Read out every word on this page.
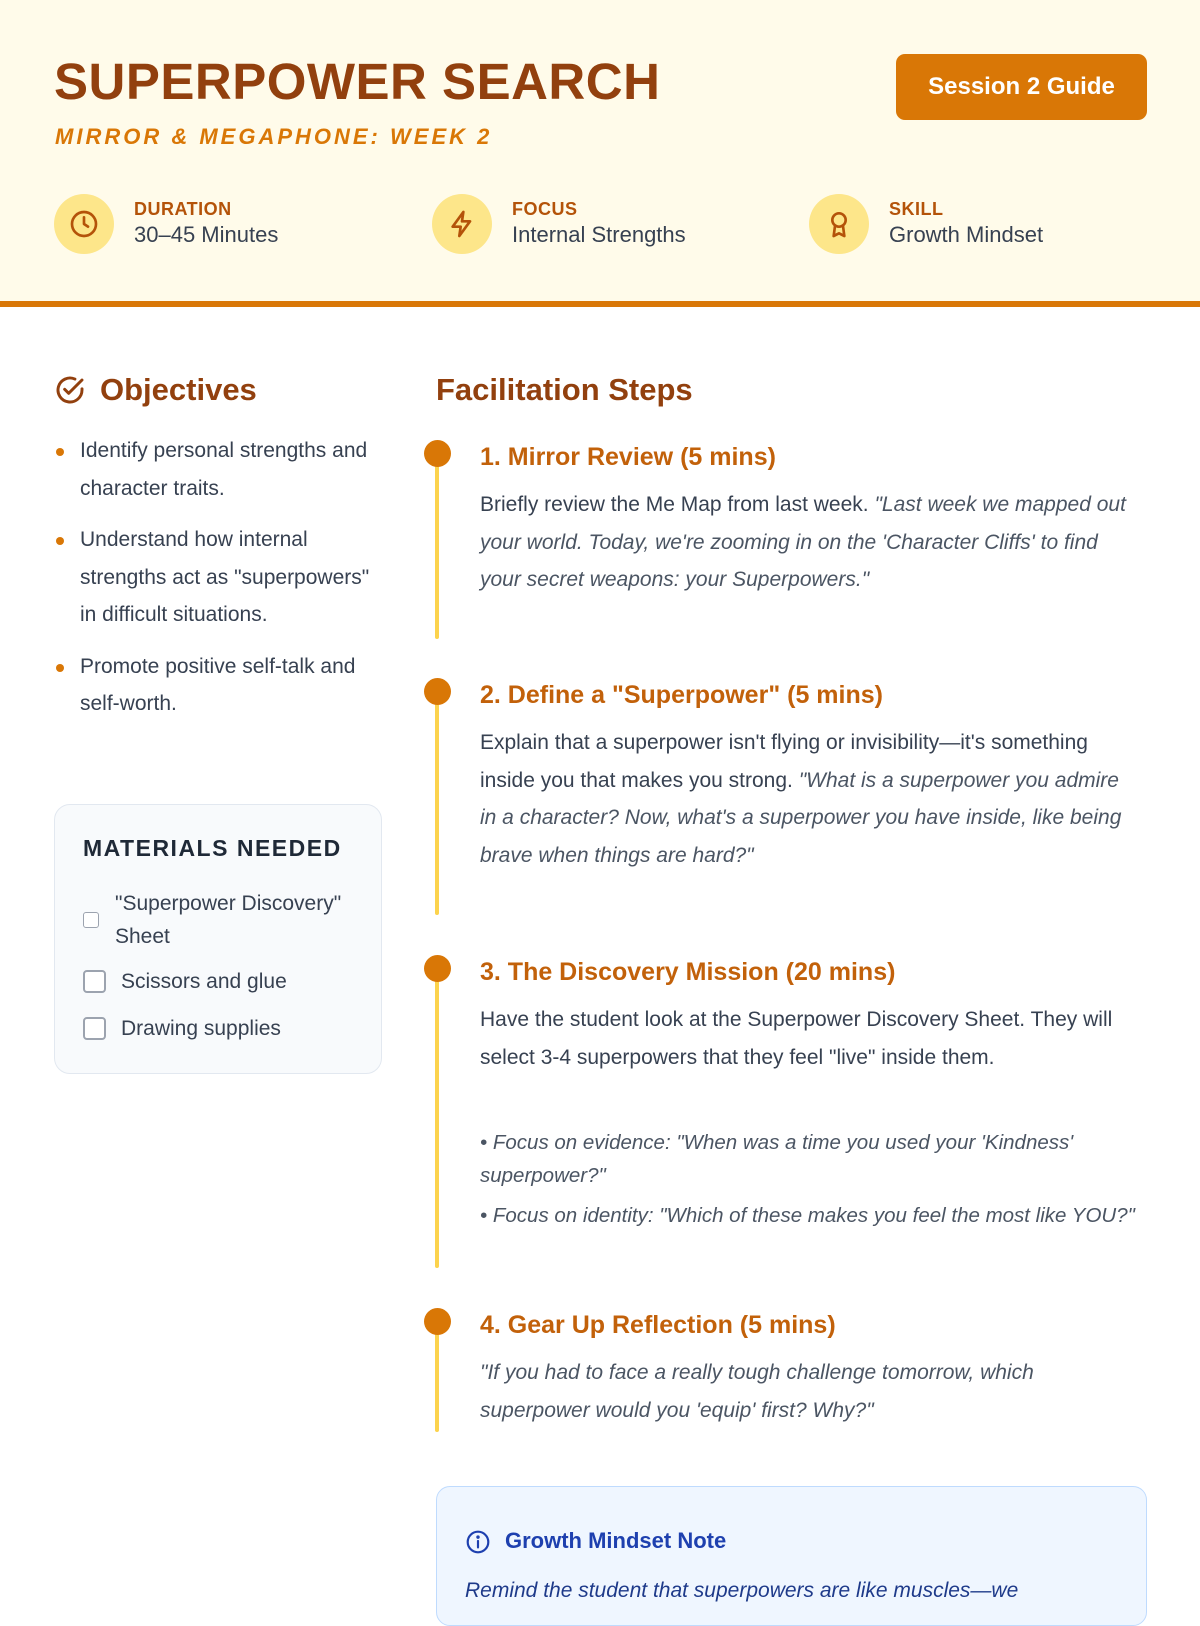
SUPERPOWER SEARCH
MIRROR & MEGAPHONE: WEEK 2
Session 2 Guide
DURATION
30–45 Minutes
FOCUS
Internal Strengths
SKILL
Growth Mindset
Objectives
Identify personal strengths and character traits.
Understand how internal strengths act as "superpowers" in difficult situations.
Promote positive self-talk and self-worth.
MATERIALS NEEDED
"Superpower Discovery" Sheet
Scissors and glue
Drawing supplies
Facilitation Steps
1. Mirror Review (5 mins)
Briefly review the Me Map from last week. "Last week we mapped out your world. Today, we're zooming in on the 'Character Cliffs' to find your secret weapons: your Superpowers."
2. Define a "Superpower" (5 mins)
Explain that a superpower isn't flying or invisibility—it's something inside you that makes you strong. "What is a superpower you admire in a character? Now, what's a superpower you have inside, like being brave when things are hard?"
3. The Discovery Mission (20 mins)
Have the student look at the Superpower Discovery Sheet. They will select 3-4 superpowers that they feel "live" inside them.
• Focus on evidence: "When was a time you used your 'Kindness' superpower?"
• Focus on identity: "Which of these makes you feel the most like YOU?"
4. Gear Up Reflection (5 mins)
"If you had to face a really tough challenge tomorrow, which superpower would you 'equip' first? Why?"
Growth Mindset Note
Remind the student that superpowers are like muscles—we
